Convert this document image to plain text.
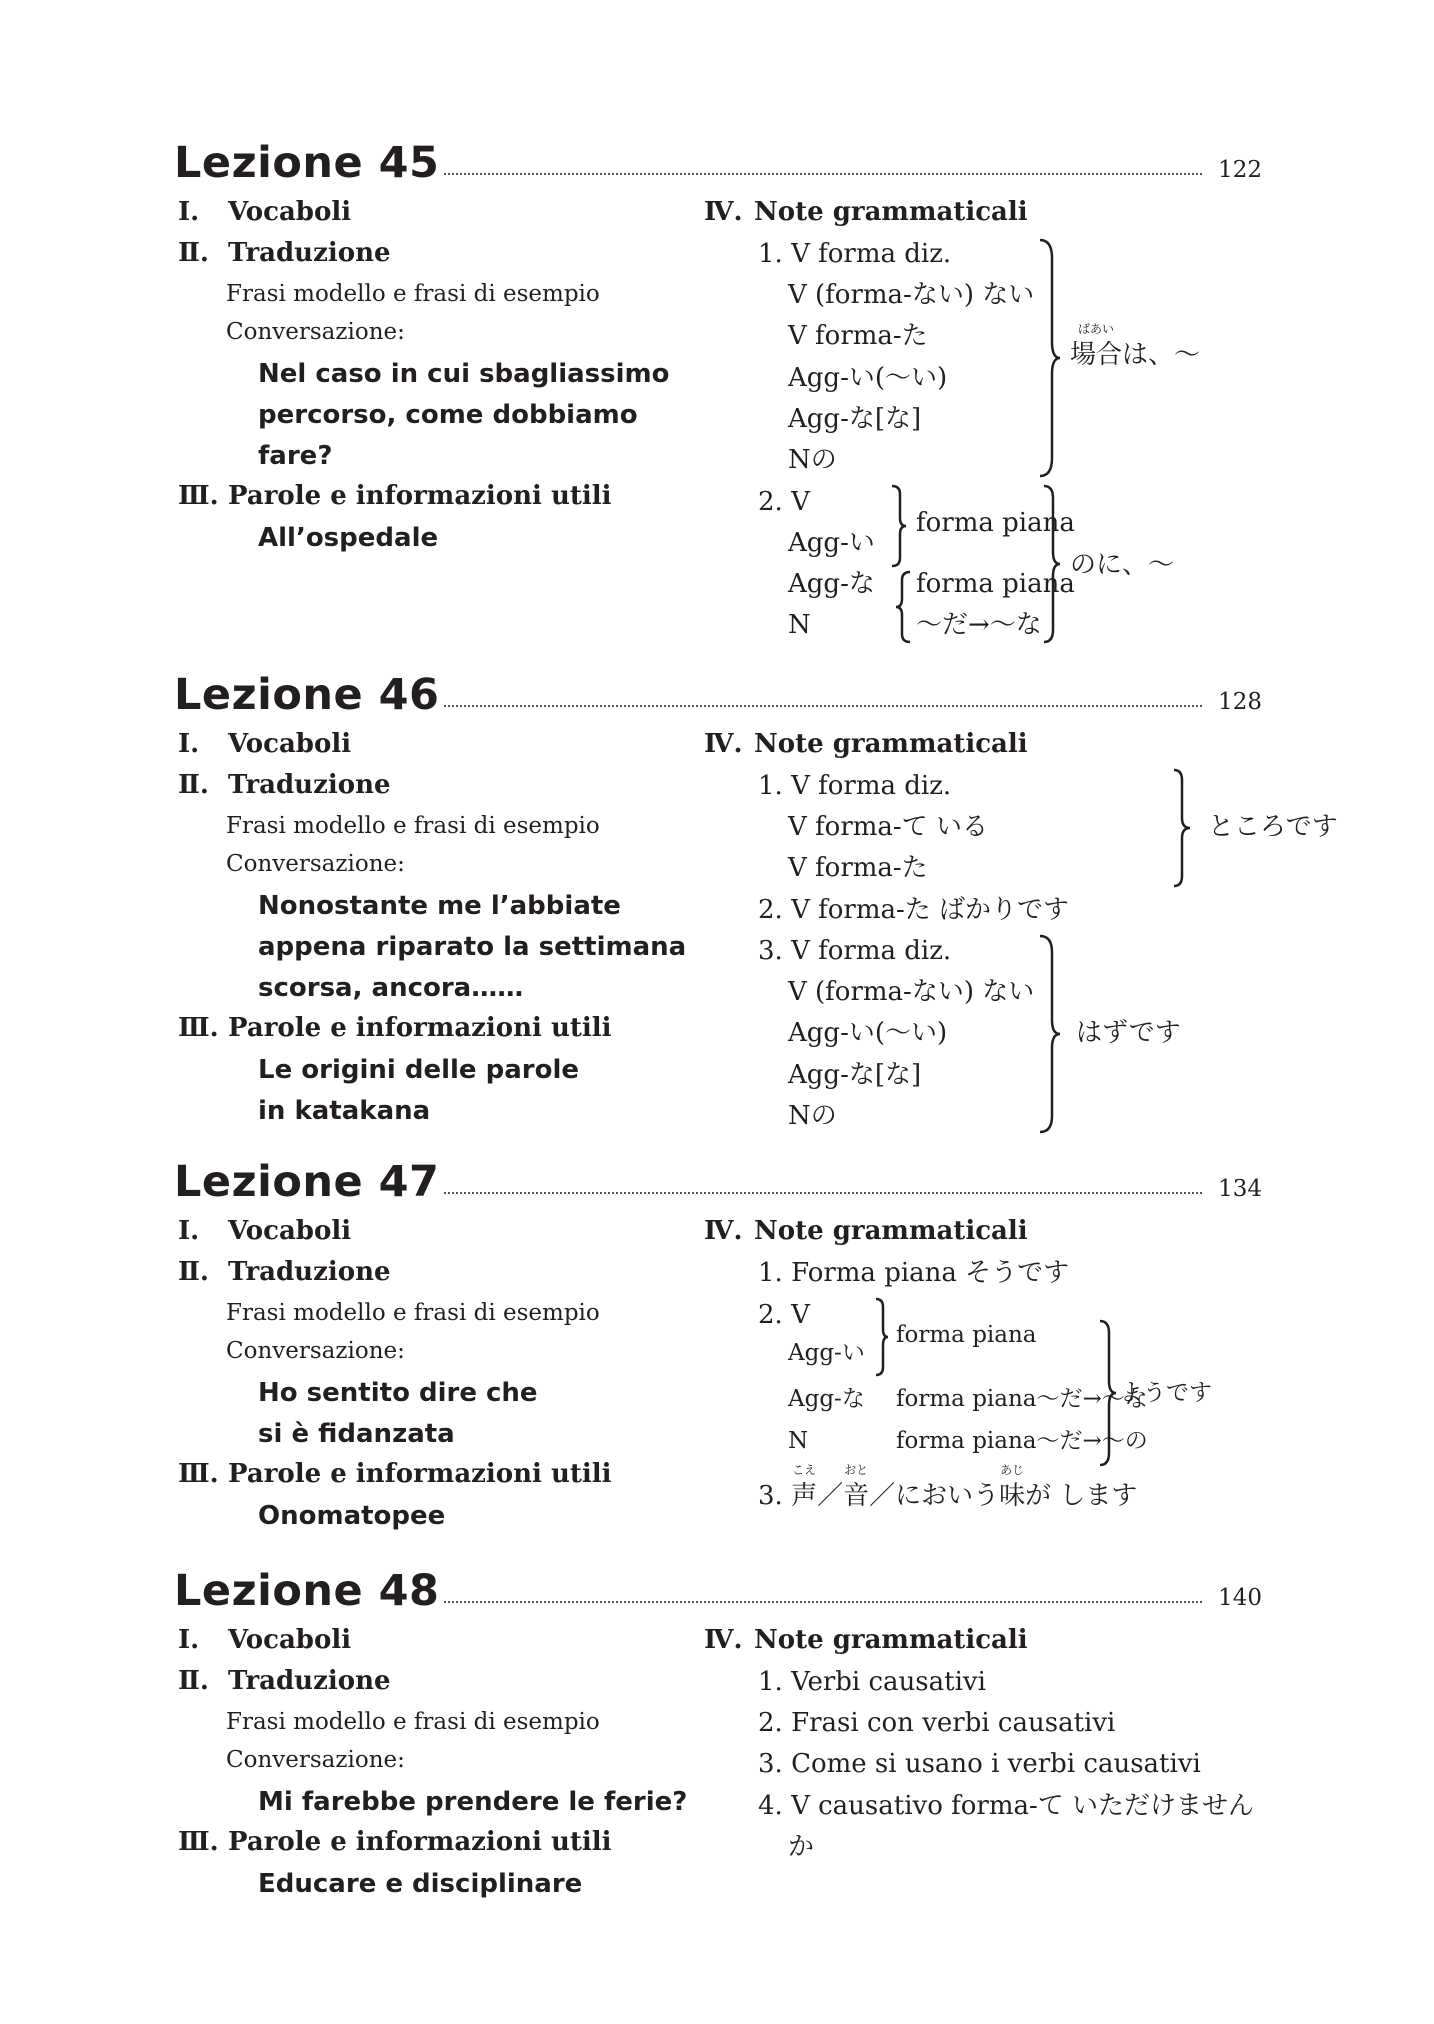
Lezione 45	122
Ⅰ. Vocaboli
Ⅱ. Traduzione
Frasi modello e frasi di esempio
Conversazione:
Nel caso in cui sbagliassimo
percorso, come dobbiamo
fare?
Ⅲ. Parole e informazioni utili
All’ospedale
Ⅳ. Note grammaticali
1. V forma diz.
V (forma-ない) ない
V forma-た
Agg-い(〜い)
Agg-な[な]
Nの
場合
ばあい
は、〜
2. V
Agg-い
Agg-な
N
forma piana
forma piana
〜だ→〜な
のに、〜
Lezione 46	128
Ⅰ. Vocaboli
Ⅱ. Traduzione
Frasi modello e frasi di esempio
Conversazione:
Nonostante me l’abbiate
appena riparato la settimana
scorsa, ancora……
Ⅲ. Parole e informazioni utili
Le origini delle parole
in katakana
Ⅳ. Note grammaticali
1. V forma diz.
V forma-て いる
V forma-た
ところです
2. V forma-た ばかりです
3. V forma diz.
V (forma-ない) ない
Agg-い(〜い)
Agg-な[な]
Nの
はずです
Lezione 47	134
Ⅰ. Vocaboli
Ⅱ. Traduzione
Frasi modello e frasi di esempio
Conversazione:
Ho sentito dire che
si è fidanzata
Ⅲ. Parole e informazioni utili
Onomatopee
Ⅳ. Note grammaticali
1. Forma piana そうです
2. V
Agg-い
forma piana
Agg-な forma piana〜だ→〜な
N	forma piana〜だ→〜の
ようです
3. 声
こえ
／音
おと
／においう味
あじ
が します
Lezione 48	140
Ⅰ. Vocaboli
Ⅱ. Traduzione
Frasi modello e frasi di esempio
Conversazione:
Mi farebbe prendere le ferie?
Ⅲ. Parole e informazioni utili
Educare e disciplinare
Ⅳ. Note grammaticali
1. Verbi causativi
2. Frasi con verbi causativi
3. Come si usano i verbi causativi
4. V causativo forma-て いただけません
か
